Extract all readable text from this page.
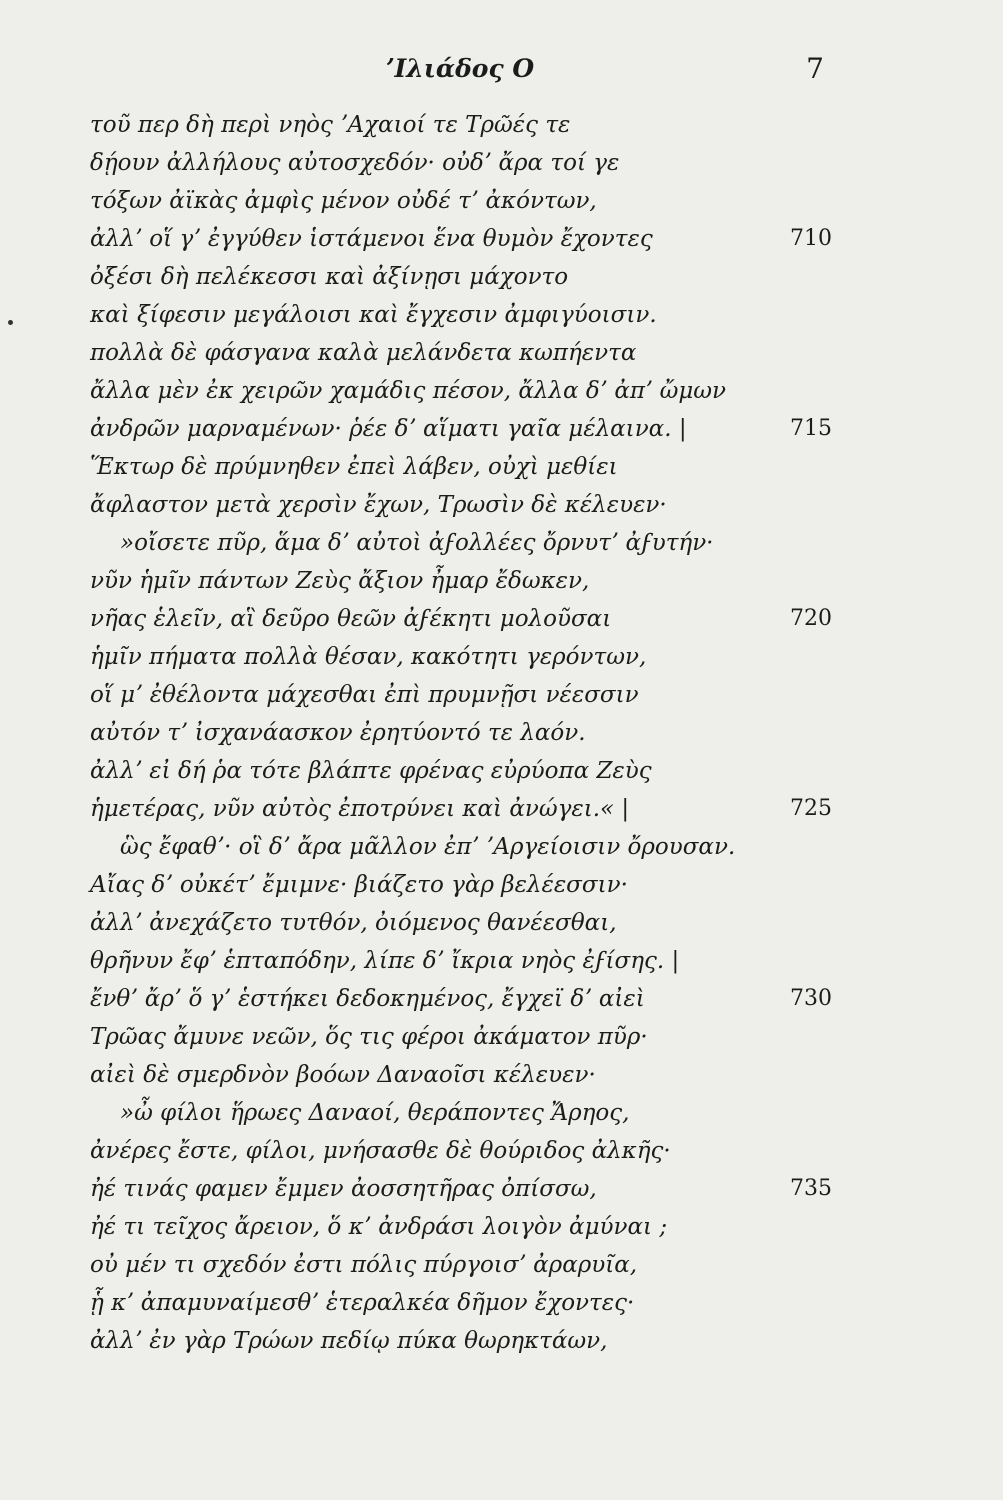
ʼΙλιάδος Ο	7
τοῦ περ δὴ περὶ νηὸς ʼΑχαιοί τε Τρῶές τε
δῄουν ἀλλήλους αὐτοσχεδόν· οὐδʼ ἄρα τοί γε
τόξων ἀϊκὰς ἀμφὶς μένον οὐδέ τʼ ἀκόντων,
ἀλλʼ οἵ γʼ ἐγγύθεν ἱστάμενοι ἕνα θυμὸν ἔχοντες
ὀξέσι δὴ πελέκεσσι καὶ ἀξίνῃσι μάχοντο
καὶ ξίφεσιν μεγάλοισι καὶ ἔγχεσιν ἀμφιγύοισιν.
πολλὰ δὲ φάσγανα καλὰ μελάνδετα κωπήεντα
ἄλλα μὲν ἐκ χειρῶν χαμάδις πέσον, ἄλλα δʼ ἀπʼ ὤμων
ἀνδρῶν μαρναμένων· ῥέε δʼ αἵματι γαῖα μέλαινα. |
Ἕκτωρ δὲ πρύμνηθεν ἐπεὶ λάβεν, οὐχὶ μεθίει
ἄφλαστον μετὰ χερσὶν ἔχων, Τρωσὶν δὲ κέλευεν·
»οἴσετε πῦρ, ἅμα δʼ αὐτοὶ ἀϝολλέες ὄρνυτʼ ἀϝυτήν·
νῦν ἡμῖν πάντων Ζεὺς ἄξιον ἦμαρ ἔδωκεν,
νῆας ἑλεῖν, αἳ δεῦρο θεῶν ἀϝέκητι μολοῦσαι
ἡμῖν πήματα πολλὰ θέσαν, κακότητι γερόντων,
οἵ μʼ ἐθέλοντα μάχεσθαι ἐπὶ πρυμνῇσι νέεσσιν
αὐτόν τʼ ἰσχανάασκον ἐρητύοντό τε λαόν.
ἀλλʼ εἰ δή ῥα τότε βλάπτε φρένας εὐρύοπα Ζεὺς
ἡμετέρας, νῦν αὐτὸς ἐποτρύνει καὶ ἀνώγει.« |
ὣς ἔφαθʼ· οἳ δʼ ἄρα μᾶλλον ἐπʼ ʼΑργείοισιν ὄρουσαν.
Αἴας δʼ οὐκέτʼ ἔμιμνε· βιάζετο γὰρ βελέεσσιν·
ἀλλʼ ἀνεχάζετο τυτθόν, ὀιόμενος θανέεσθαι,
θρῆνυν ἔφʼ ἑπταπόδην, λίπε δʼ ἴκρια νηὸς ἐϝίσης. |
ἔνθʼ ἄρʼ ὅ γʼ ἑστήκει δεδοκημένος, ἔγχεϊ δʼ αἰεὶ
Τρῶας ἄμυνε νεῶν, ὅς τις φέροι ἀκάματον πῦρ·
αἰεὶ δὲ σμερδνὸν βοόων Δαναοῖσι κέλευεν·
»ὦ φίλοι ἥρωες Δαναοί, θεράποντες Ἄρηος,
ἀνέρες ἔστε, φίλοι, μνήσασθε δὲ θούριδος ἀλκῆς·
ἠέ τινάς φαμεν ἔμμεν ἀοσσητῆρας ὀπίσσω,
ἠέ τι τεῖχος ἄρειον, ὅ κʼ ἀνδράσι λοιγὸν ἀμύναι ;
οὐ μέν τι σχεδόν ἐστι πόλις πύργοισʼ ἀραρυῖα,
ᾗ κʼ ἀπαμυναίμεσθʼ ἑτεραλκέα δῆμον ἔχοντες·
ἀλλʼ ἐν γὰρ Τρώων πεδίῳ πύκα θωρηκτάων,
710
715
720
725
730
735
